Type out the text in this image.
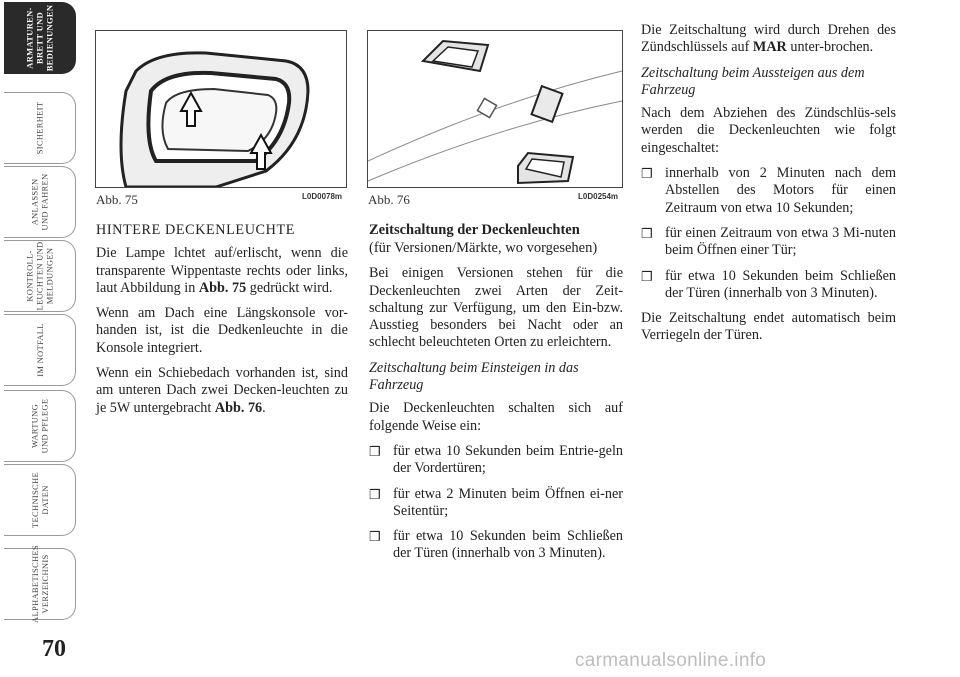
ARMATUREN-
BRETT UND
BEDIENUNGEN
SICHERHEIT
ANLASSEN
UND FAHREN
KONTROLL-
LEUCHTEN UND
MELDUNGEN
IM NOTFALL
WARTUNG
UND PFLEGE
TECHNISCHE
DATEN
ALPHABETISCHES
VERZEICHNIS
70	carmanualsonline.info
Abb. 75	L0D0078m Abb. 76	L0D0254m
HINTERE DECKENLEUCHTE

Die Lampe lchtet auf/erlischt, wenn die transparente Wippentaste rechts oder links, laut Abbildung in Abb. 75 gedrückt wird.

Wenn am Dach eine Längskonsole vor-handen ist, ist die Dedkenleuchte in die Konsole integriert.

Wenn ein Schiebedach vorhanden ist, sind am unteren Dach zwei Decken-leuchten zu je 5W untergebracht Abb. 76.

Zeitschaltung der Deckenleuchten
(für Versionen/Märkte, wo vorgesehen)

Bei einigen Versionen stehen für die Deckenleuchten zwei Arten der Zeit-schaltung zur Verfügung, um den Ein-bzw. Ausstieg besonders bei Nacht oder an schlecht beleuchteten Orten zu erleichtern.

Zeitschaltung beim Einsteigen in das Fahrzeug

Die Deckenleuchten schalten sich auf folgende Weise ein:

❒ für etwa 10 Sekunden beim Entrie-geln der Vordertüren;
❒ für etwa 2 Minuten beim Öffnen ei-ner Seitentür;
❒ für etwa 10 Sekunden beim Schließen der Türen (innerhalb von 3 Minuten).

Die Zeitschaltung wird durch Drehen des Zündschlüssels auf MAR unter-brochen.

Zeitschaltung beim Aussteigen aus dem Fahrzeug

Nach dem Abziehen des Zündschlüs-sels werden die Deckenleuchten wie folgt eingeschaltet:

❒ innerhalb von 2 Minuten nach dem Abstellen des Motors für einen Zeitraum von etwa 10 Sekunden;
❒ für einen Zeitraum von etwa 3 Mi-nuten beim Öffnen einer Tür;
❒ für etwa 10 Sekunden beim Schließen der Türen (innerhalb von 3 Minuten).

Die Zeitschaltung endet automatisch beim Verriegeln der Türen.
